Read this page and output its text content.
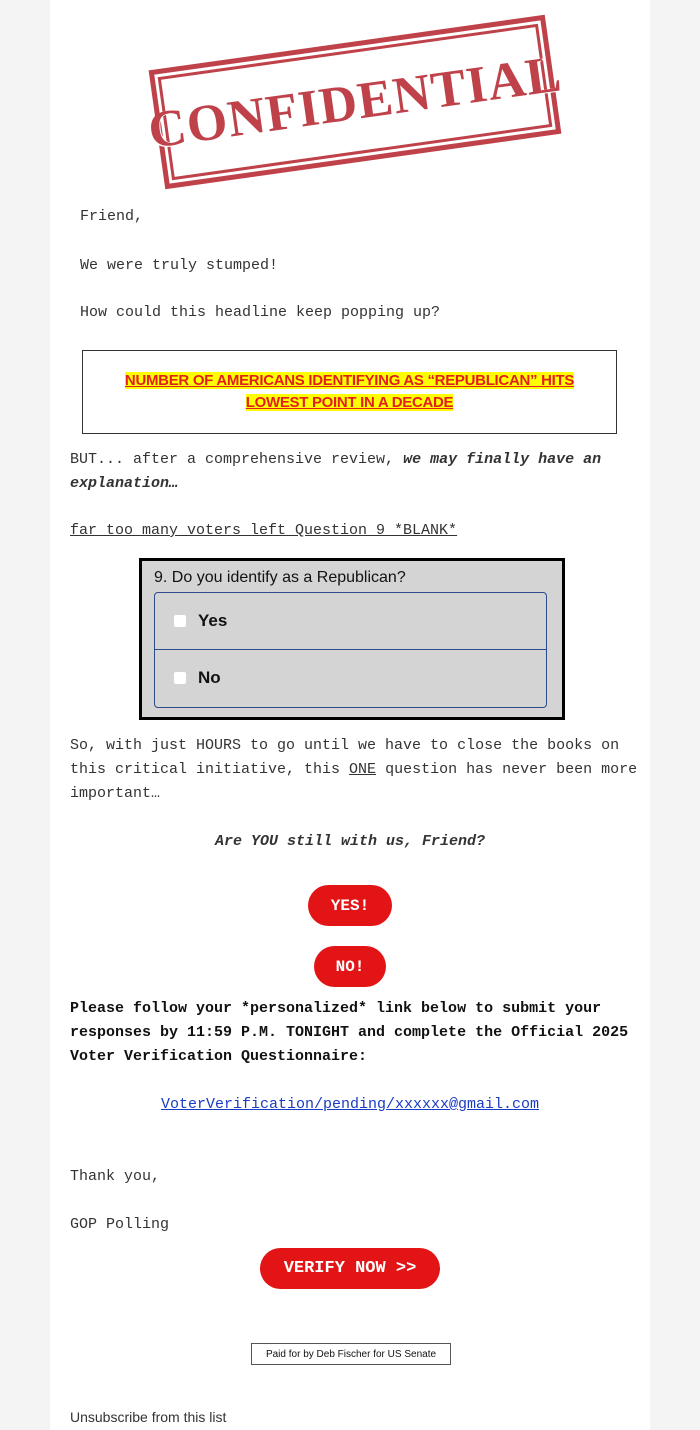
CONFIDENTIAL
Friend,
We were truly stumped!
How could this headline keep popping up?
NUMBER OF AMERICANS IDENTIFYING AS “REPUBLICAN” HITS LOWEST POINT IN A DECADE
BUT... after a comprehensive review, we may finally have an explanation…
far too many voters left Question 9 *BLANK*
9. Do you identify as a Republican?
Yes
No
So, with just HOURS to go until we have to close the books on this critical initiative, this ONE question has never been more important…
Are YOU still with us, Friend?
YES!
NO!
Please follow your *personalized* link below to submit your responses by 11:59 P.M. TONIGHT and complete the Official 2025 Voter Verification Questionnaire:
VoterVerification/pending/xxxxxx@gmail.com
Thank you,
GOP Polling
VERIFY NOW >>
Paid for by Deb Fischer for US Senate
Unsubscribe from this list
